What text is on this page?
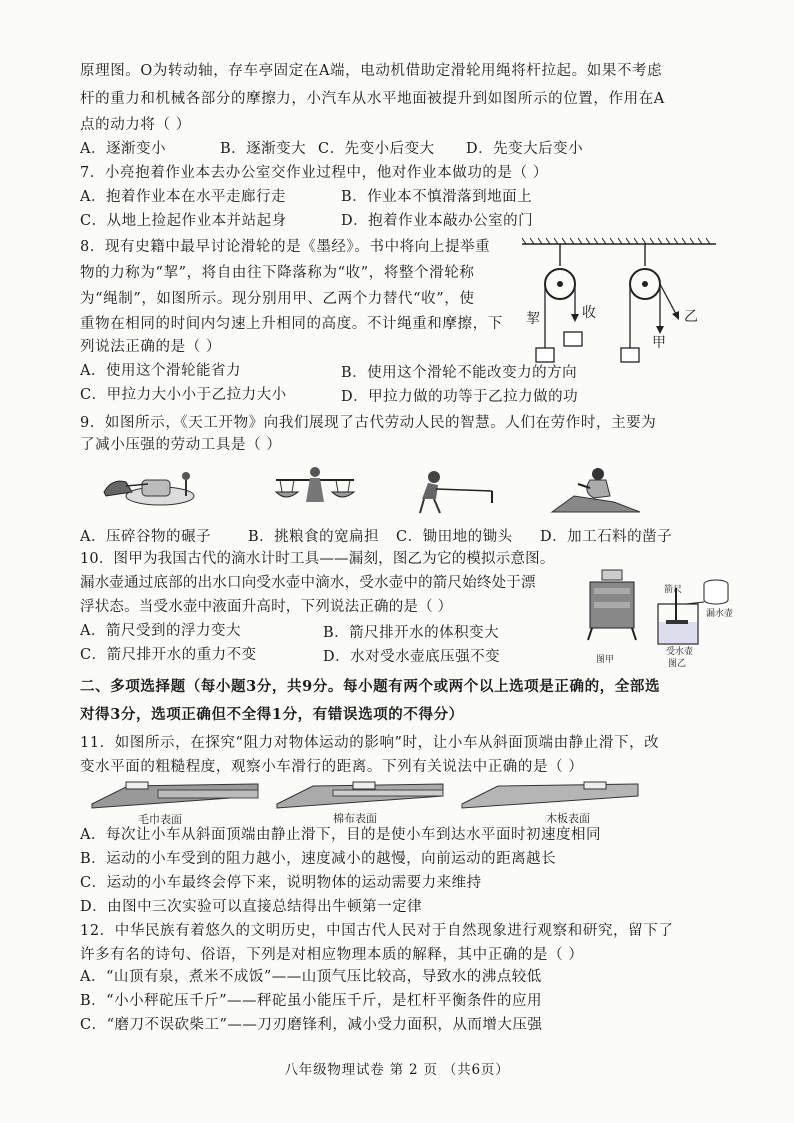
原理图。O为转动轴，存车亭固定在A端，电动机借助定滑轮用绳将杆拉起。如果不考虑
杆的重力和机械各部分的摩擦力，小汽车从水平地面被提升到如图所示的位置，作用在A
点的动力将（ ）
A．逐渐变小	B．逐渐变大 C．先变小后变大 D．先变大后变小
7．小亮抱着作业本去办公室交作业过程中，他对作业本做功的是（ ）
A．抱着作业本在水平走廊行走	B．作业本不慎滑落到地面上
C．从地上捡起作业本并站起身	D．抱着作业本敲办公室的门
8．现有史籍中最早讨论滑轮的是《墨经》。书中将向上提举重
物的力称为“挈”，将自由往下降落称为“收”，将整个滑轮称
为“绳制”，如图所示。现分别用甲、乙两个力替代“收”，使
重物在相同的时间内匀速上升相同的高度。不计绳重和摩擦，下
列说法正确的是（ ）
A．使用这个滑轮能省力	B．使用这个滑轮不能改变力的方向
C．甲拉力大小小于乙拉力大小	D．甲拉力做的功等于乙拉力做的功
挈	收
甲
乙
9．如图所示，《天工开物》向我们展现了古代劳动人民的智慧。人们在劳作时，主要为
了减小压强的劳动工具是（ ）
A．压碎谷物的碾子	B．挑粮食的宽扁担 C．锄田地的锄头 D．加工石料的凿子
10．图甲为我国古代的滴水计时工具——漏刻，图乙为它的模拟示意图。
漏水壶通过底部的出水口向受水壶中滴水，受水壶中的箭尺始终处于漂
浮状态。当受水壶中液面升高时，下列说法正确的是（ ）
A．箭尺受到的浮力变大	B．箭尺排开水的体积变大
C．箭尺排开水的重力不变	D．水对受水壶底压强不变	图甲
箭尺
漏水壶
受水壶
图乙
二、多项选择题（每小题3分，共9分。每小题有两个或两个以上选项是正确的，全部选
对得3分，选项正确但不全得1分，有错误选项的不得分）
11．如图所示，在探究“阻力对物体运动的影响”时，让小车从斜面顶端由静止滑下，改
变水平面的粗糙程度，观察小车滑行的距离。下列有关说法中正确的是（ ）
毛巾表面	棉布表面	木板表面
A．每次让小车从斜面顶端由静止滑下，目的是使小车到达水平面时初速度相同
B．运动的小车受到的阻力越小，速度减小的越慢，向前运动的距离越长
C．运动的小车最终会停下来，说明物体的运动需要力来维持
D．由图中三次实验可以直接总结得出牛顿第一定律
12．中华民族有着悠久的文明历史，中国古代人民对于自然现象进行观察和研究，留下了
许多有名的诗句、俗语，下列是对相应物理本质的解释，其中正确的是（ ）
A．“山顶有泉，煮米不成饭”——山顶气压比较高，导致水的沸点较低
B．“小小秤砣压千斤”——秤砣虽小能压千斤，是杠杆平衡条件的应用
C．“磨刀不误砍柴工”——刀刃磨锋利，减小受力面积，从而增大压强
八年级物理试卷 第 2 页 （共6页）
